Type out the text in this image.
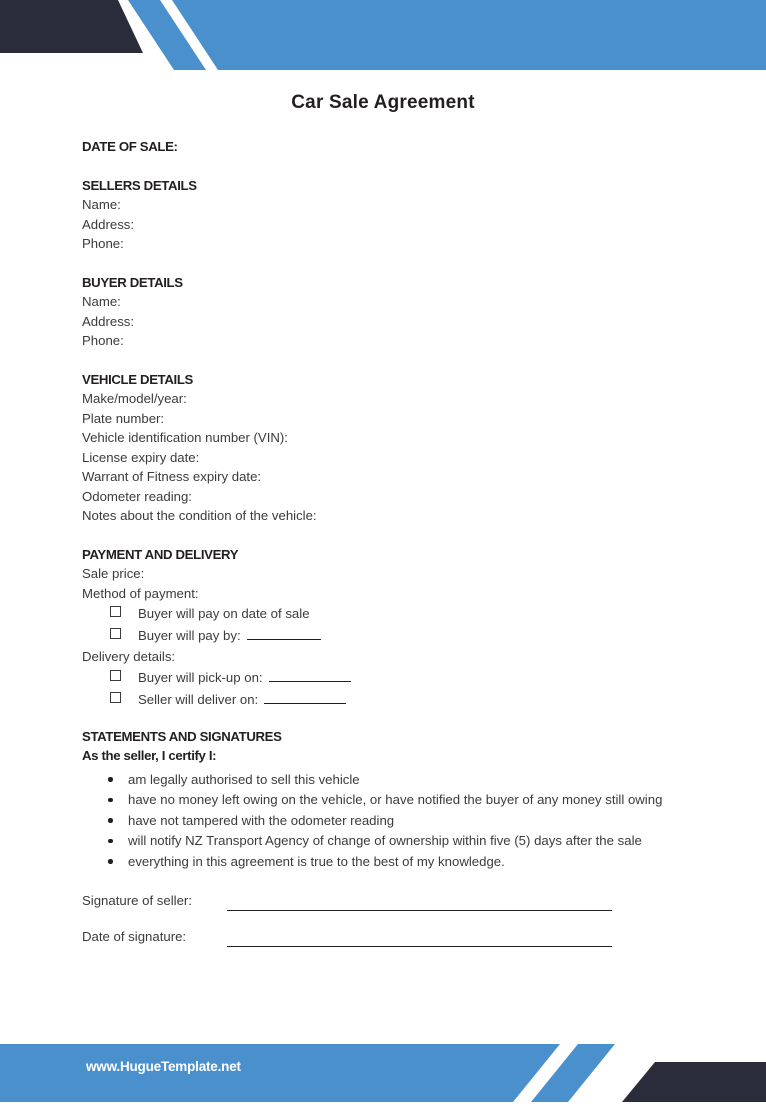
Car Sale Agreement
DATE OF SALE:
SELLERS DETAILS
Name:
Address:
Phone:
BUYER DETAILS
Name:
Address:
Phone:
VEHICLE DETAILS
Make/model/year:
Plate number:
Vehicle identification number (VIN):
License expiry date:
Warrant of Fitness expiry date:
Odometer reading:
Notes about the condition of the vehicle:
PAYMENT AND DELIVERY
Sale price:
Method of payment:
Buyer will pay on date of sale
Buyer will pay by:
Delivery details:
Buyer will pick-up on:
Seller will deliver on:
STATEMENTS AND SIGNATURES
As the seller, I certify I:
am legally authorised to sell this vehicle
have no money left owing on the vehicle, or have notified the buyer of any money still owing
have not tampered with the odometer reading
will notify NZ Transport Agency of change of ownership within five (5) days after the sale
everything in this agreement is true to the best of my knowledge.
Signature of seller:
Date of signature:
www.HugueTemplate.net
